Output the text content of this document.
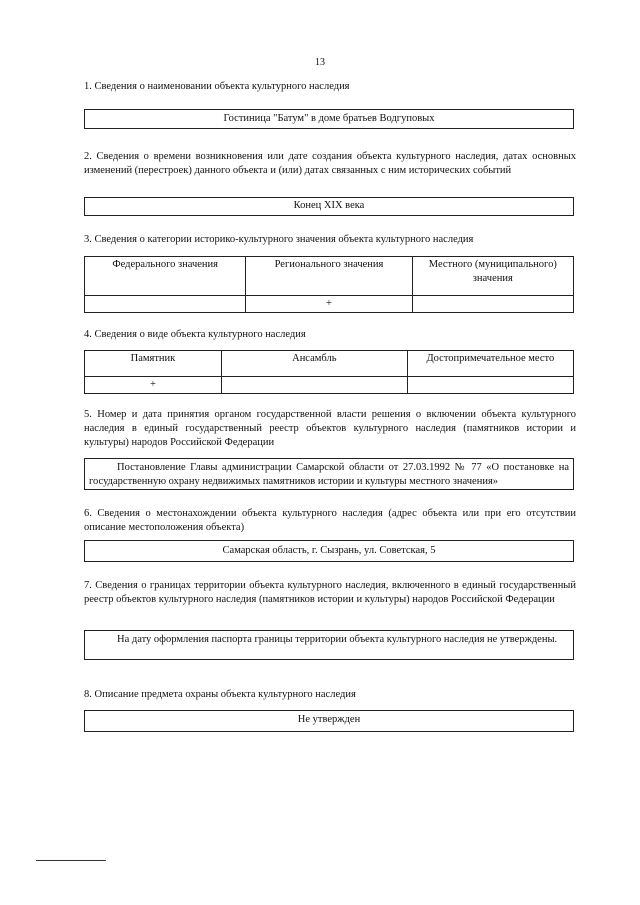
13

1. Сведения о наименовании объекта культурного наследия

Гостиница "Батум" в доме братьев Водгуповых

2. Сведения о времени возникновения или дате создания объекта культурного наследия, датах основных изменений (перестроек) данного объекта и (или) датах связанных с ним исторических событий

Конец XIX века

3. Сведения о категории историко-культурного значения объекта культурного наследия

Федерального значения	Регионального значения	Местного (муниципального) значения
	+	

4. Сведения о виде объекта культурного наследия

Памятник	Ансамбль	Достопримечательное место
+		

5. Номер и дата принятия органом государственной власти решения о включении объекта культурного наследия в единый государственный реестр объектов культурного наследия (памятников истории и культуры) народов Российской Федерации

Постановление Главы администрации Самарской области от 27.03.1992 № 77 «О постановке на государственную охрану недвижимых памятников истории и культуры местного значения»

6. Сведения о местонахождении объекта культурного наследия (адрес объекта или при его отсутствии описание местоположения объекта)

Самарская область, г. Сызрань, ул. Советская, 5

7. Сведения о границах территории объекта культурного наследия, включенного в единый государственный реестр объектов культурного наследия (памятников истории и культуры) народов Российской Федерации

На дату оформления паспорта границы территории объекта культурного наследия не утверждены.

8. Описание предмета охраны объекта культурного наследия

Не утвержден
